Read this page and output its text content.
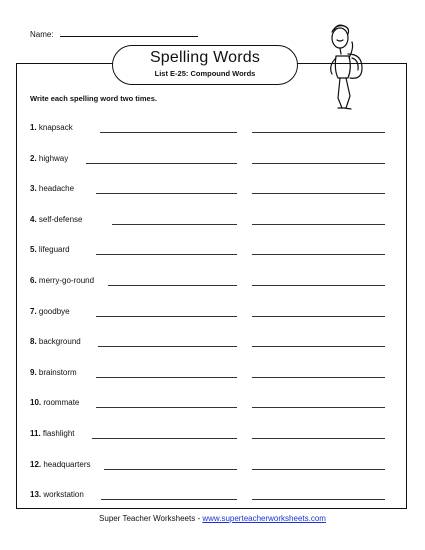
Name:
Spelling Words
List E-25: Compound Words
Write each spelling word two times.
1. knapsack
2. highway
3. headache
4. self-defense
5. lifeguard
6. merry-go-round
7. goodbye
8. background
9. brainstorm
10. roommate
11. flashlight
12. headquarters
13. workstation
Super Teacher Worksheets - www.superteacherworksheets.com
